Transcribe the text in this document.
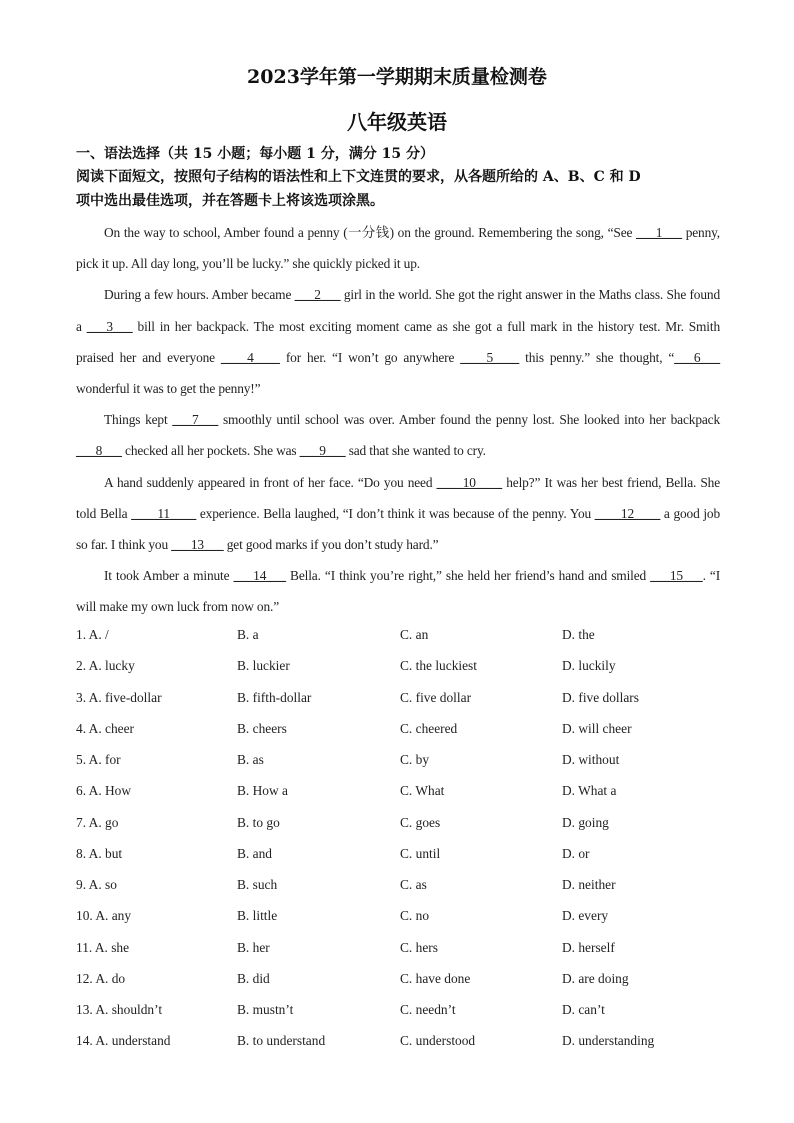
2023学年第一学期期末质量检测卷
八年级英语
一、语法选择（共 15 小题；每小题 1 分，满分 15 分）
阅读下面短文，按照句子结构的语法性和上下文连贯的要求，从各题所给的 A、B、C 和 D
项中选出最佳选项，并在答题卡上将该选项涂黑。

On the way to school, Amber found a penny (一分钱) on the ground. Remembering the song, “See ___1___ penny, pick it up. All day long, you’ll be lucky.” she quickly picked it up.

During a few hours. Amber became ___2___ girl in the world. She got the right answer in the Maths class. She found a ___3___ bill in her backpack. The most exciting moment came as she got a full mark in the history test. Mr. Smith praised her and everyone ____4____ for her. “I won’t go anywhere ____5____ this penny.” she thought, “___6___ wonderful it was to get the penny!”

Things kept ___7___ smoothly until school was over. Amber found the penny lost. She looked into her backpack ___8___ checked all her pockets. She was ___9___ sad that she wanted to cry.

A hand suddenly appeared in front of her face. “Do you need ____10____ help?” It was her best friend, Bella. She told Bella ____11____ experience. Bella laughed, “I don’t think it was because of the penny. You ____12____ a good job so far. I think you ___13___ get good marks if you don’t study hard.”

It took Amber a minute ___14___ Bella. “I think you’re right,” she held her friend’s hand and smiled ___15___. “I will make my own luck from now on.”

1. A. /	B. a	C. an	D. the
2. A. lucky	B. luckier	C. the luckiest	D. luckily
3. A. five-dollar	B. fifth-dollar	C. five dollar	D. five dollars
4. A. cheer	B. cheers	C. cheered	D. will cheer
5. A. for	B. as	C. by	D. without
6. A. How	B. How a	C. What	D. What a
7. A. go	B. to go	C. goes	D. going
8. A. but	B. and	C. until	D. or
9. A. so	B. such	C. as	D. neither
10. A. any	B. little	C. no	D. every
11. A. she	B. her	C. hers	D. herself
12. A. do	B. did	C. have done	D. are doing
13. A. shouldn’t	B. mustn’t	C. needn’t	D. can’t
14. A. understand	B. to understand	C. understood	D. understanding
